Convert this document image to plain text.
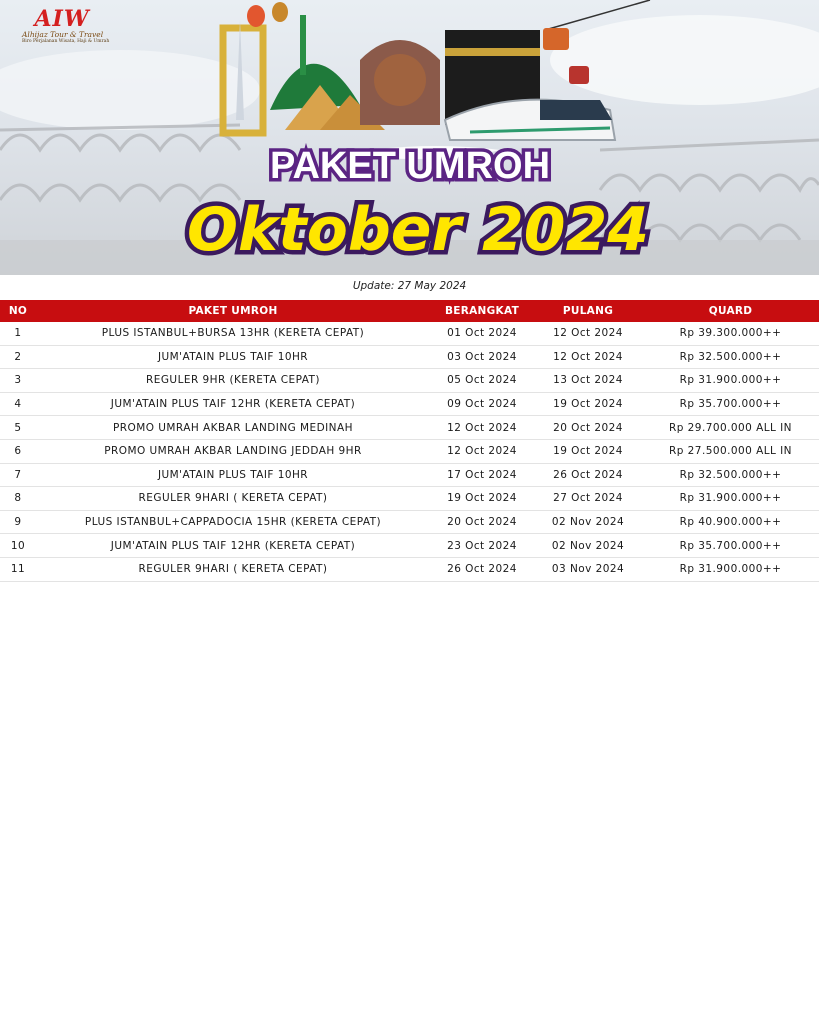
AIW
Alhijaz Tour & Travel
Biro Perjalanan Wisata, Haji & Umrah
PAKET UMROH
Oktober 2024
Update: 27 May 2024
NO	PAKET UMROH	BERANGKAT	PULANG	QUARD
1	PLUS ISTANBUL+BURSA 13HR (KERETA CEPAT)	01 Oct 2024	12 Oct 2024	Rp 39.300.000++
2	JUM'ATAIN PLUS TAIF 10HR	03 Oct 2024	12 Oct 2024	Rp 32.500.000++
3	REGULER 9HR (KERETA CEPAT)	05 Oct 2024	13 Oct 2024	Rp 31.900.000++
4	JUM'ATAIN PLUS TAIF 12HR (KERETA CEPAT)	09 Oct 2024	19 Oct 2024	Rp 35.700.000++
5	PROMO UMRAH AKBAR LANDING MEDINAH	12 Oct 2024	20 Oct 2024	Rp 29.700.000 ALL IN
6	PROMO UMRAH AKBAR LANDING JEDDAH 9HR	12 Oct 2024	19 Oct 2024	Rp 27.500.000 ALL IN
7	JUM'ATAIN PLUS TAIF 10HR	17 Oct 2024	26 Oct 2024	Rp 32.500.000++
8	REGULER 9HARI ( KERETA CEPAT)	19 Oct 2024	27 Oct 2024	Rp 31.900.000++
9	PLUS ISTANBUL+CAPPADOCIA 15HR (KERETA CEPAT)	20 Oct 2024	02 Nov 2024	Rp 40.900.000++
10	JUM'ATAIN PLUS TAIF 12HR (KERETA CEPAT)	23 Oct 2024	02 Nov 2024	Rp 35.700.000++
11	REGULER 9HARI ( KERETA CEPAT)	26 Oct 2024	03 Nov 2024	Rp 31.900.000++
